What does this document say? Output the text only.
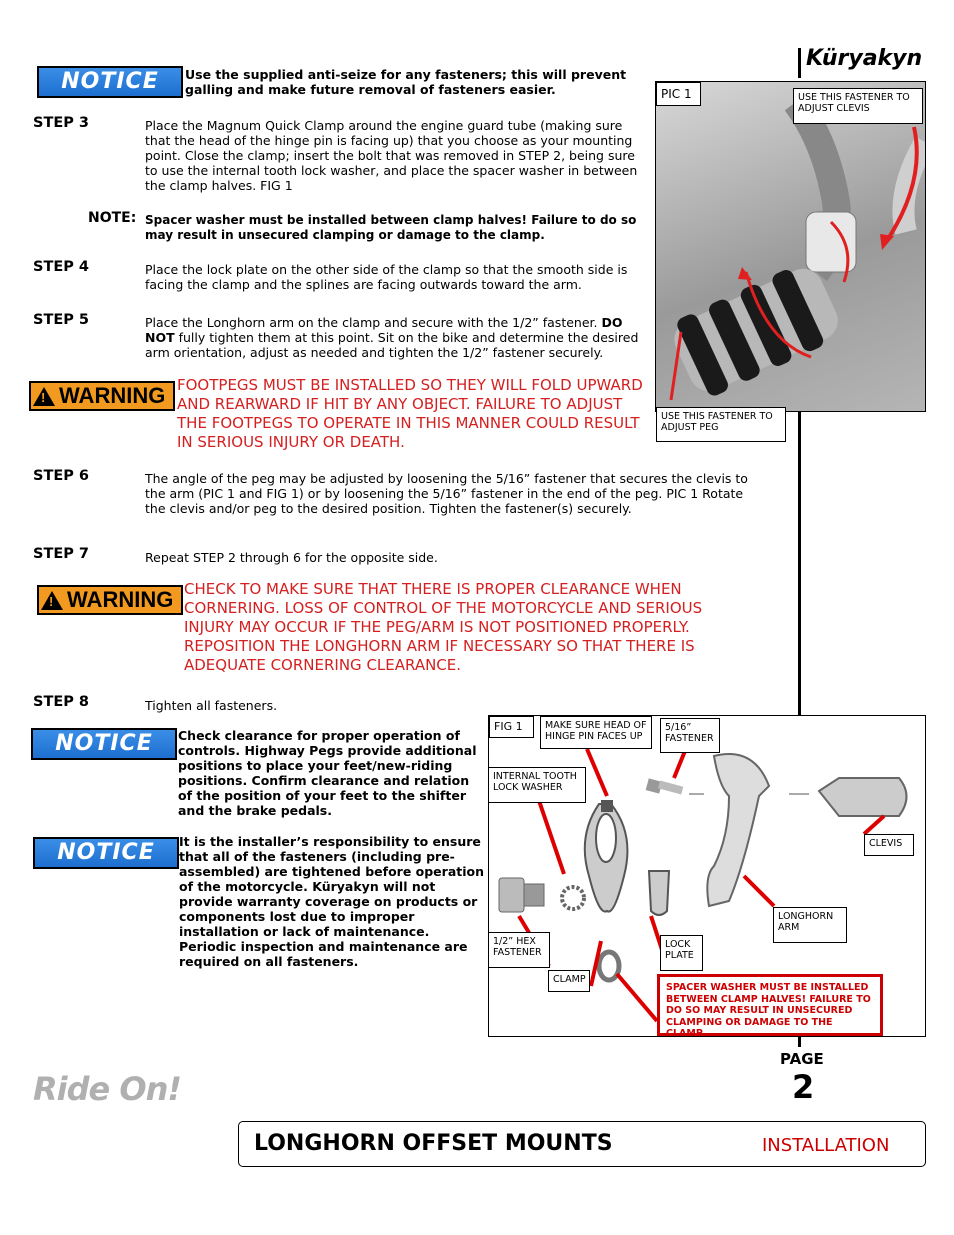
Küryakyn
NOTICE	Use the supplied anti-seize for any fasteners; this will prevent galling and make future removal of fasteners easier.
STEP 3	Place the Magnum Quick Clamp around the engine guard tube (making sure that the head of the hinge pin is facing up) that you choose as your mounting point. Close the clamp; insert the bolt that was removed in STEP 2, being sure to use the internal tooth lock washer, and place the spacer washer in between the clamp halves. FIG 1
NOTE: Spacer washer must be installed between clamp halves! Failure to do so may result in unsecured clamping or damage to the clamp.
STEP 4	Place the lock plate on the other side of the clamp so that the smooth side is facing the clamp and the splines are facing outwards toward the arm.
STEP 5	Place the Longhorn arm on the clamp and secure with the 1/2” fastener. DO NOT fully tighten them at this point. Sit on the bike and determine the desired arm orientation, adjust as needed and tighten the 1/2” fastener securely.
! WARNING FOOTPEGS MUST BE INSTALLED SO THEY WILL FOLD UPWARD AND REARWARD IF HIT BY ANY OBJECT. FAILURE TO ADJUST THE FOOTPEGS TO OPERATE IN THIS MANNER COULD RESULT IN SERIOUS INJURY OR DEATH.
STEP 6	The angle of the peg may be adjusted by loosening the 5/16” fastener that secures the clevis to the arm (PIC 1 and FIG 1) or by loosening the 5/16” fastener in the end of the peg. PIC 1 Rotate the clevis and/or peg to the desired position. Tighten the fastener(s) securely.
STEP 7	Repeat STEP 2 through 6 for the opposite side.
! WARNING CHECK TO MAKE SURE THAT THERE IS PROPER CLEARANCE WHEN CORNERING. LOSS OF CONTROL OF THE MOTORCYCLE AND SERIOUS INJURY MAY OCCUR IF THE PEG/ARM IS NOT POSITIONED PROPERLY. REPOSITION THE LONGHORN ARM IF NECESSARY SO THAT THERE IS ADEQUATE CORNERING CLEARANCE.
STEP 8	Tighten all fasteners.
NOTICE	Check clearance for proper operation of controls. Highway Pegs provide additional positions to place your feet/new-riding positions. Confirm clearance and relation of the position of your feet to the shifter and the brake pedals.
NOTICE	It is the installer’s responsibility to ensure that all of the fasteners (including pre-assembled) are tightened before operation of the motorcycle. Küryakyn will not provide warranty coverage on products or components lost due to improper installation or lack of maintenance. Periodic inspection and maintenance are required on all fasteners.
PIC 1	USE THIS FASTENER TO ADJUST CLEVIS
USE THIS FASTENER TO ADJUST PEG
FIG 1	MAKE SURE HEAD OF HINGE PIN FACES UP
5/16” FASTENER
INTERNAL TOOTH LOCK WASHER
CLEVIS
LONGHORN ARM
1/2” HEX FASTENER
LOCK PLATE
CLAMP
SPACER WASHER MUST BE INSTALLED BETWEEN CLAMP HALVES! FAILURE TO DO SO MAY RESULT IN UNSECURED CLAMPING OR DAMAGE TO THE CLAMP.
PAGE
2
Ride On!
LONGHORN OFFSET MOUNTS	INSTALLATION
